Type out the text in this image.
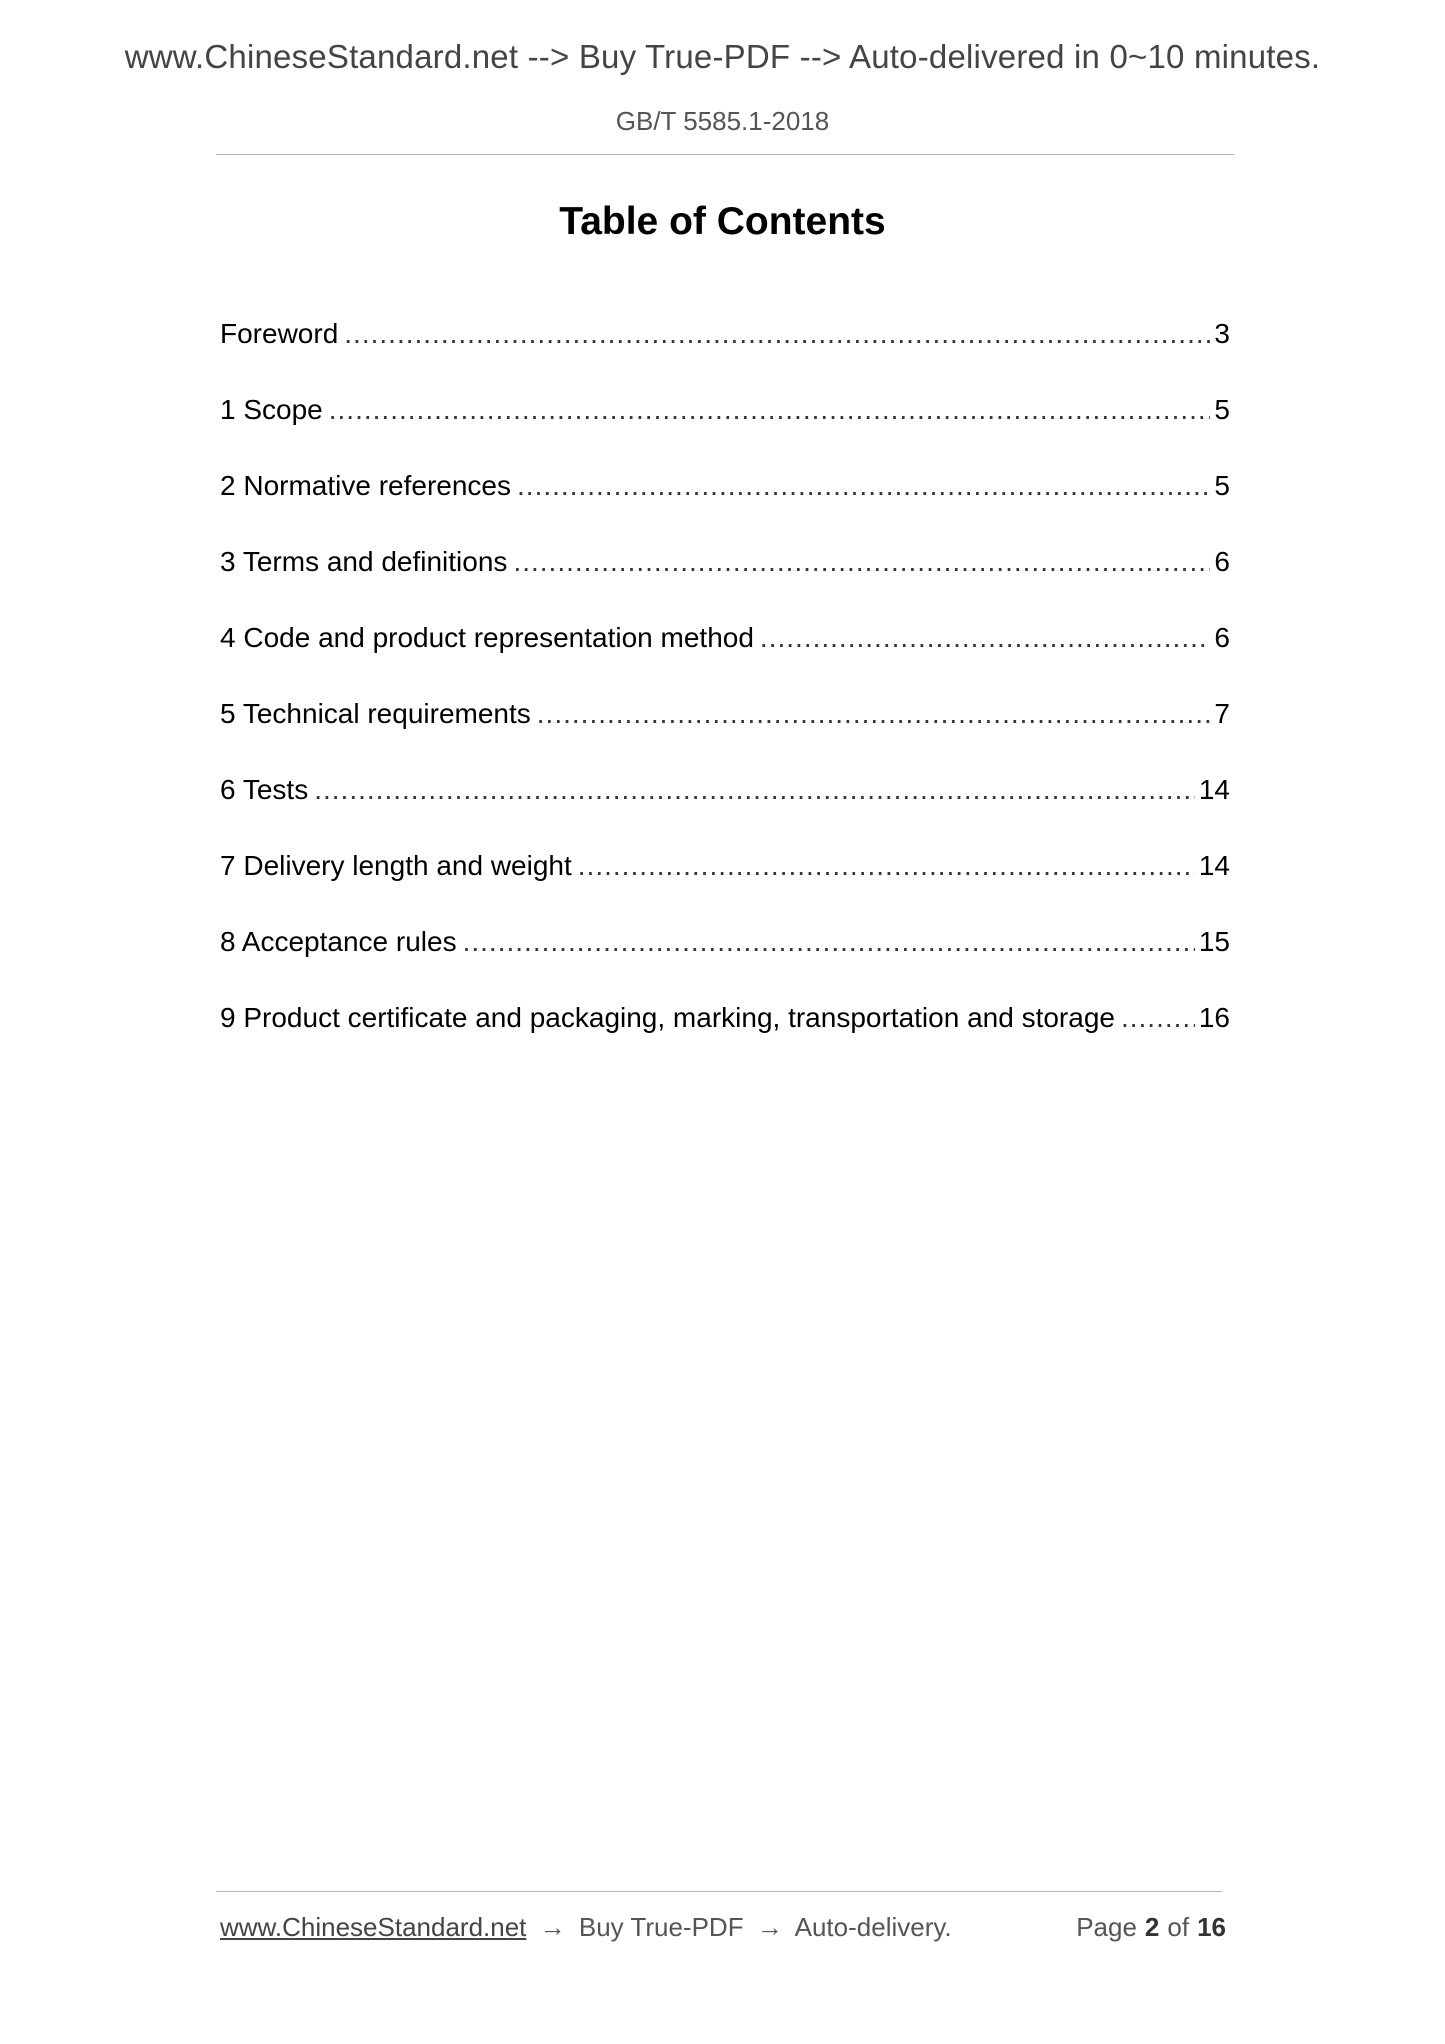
www.ChineseStandard.net --> Buy True-PDF --> Auto-delivered in 0~10 minutes.
GB/T 5585.1-2018
Table of Contents
Foreword .....	3
1 Scope .....	5
2 Normative references .....	5
3 Terms and definitions .....	6
4 Code and product representation method .....	6
5 Technical requirements .....	7
6 Tests .....	14
7 Delivery length and weight .....	14
8 Acceptance rules .....	15
9 Product certificate and packaging, marking, transportation and storage .....	16
www.ChineseStandard.net → Buy True-PDF → Auto-delivery.	Page 2 of 16
